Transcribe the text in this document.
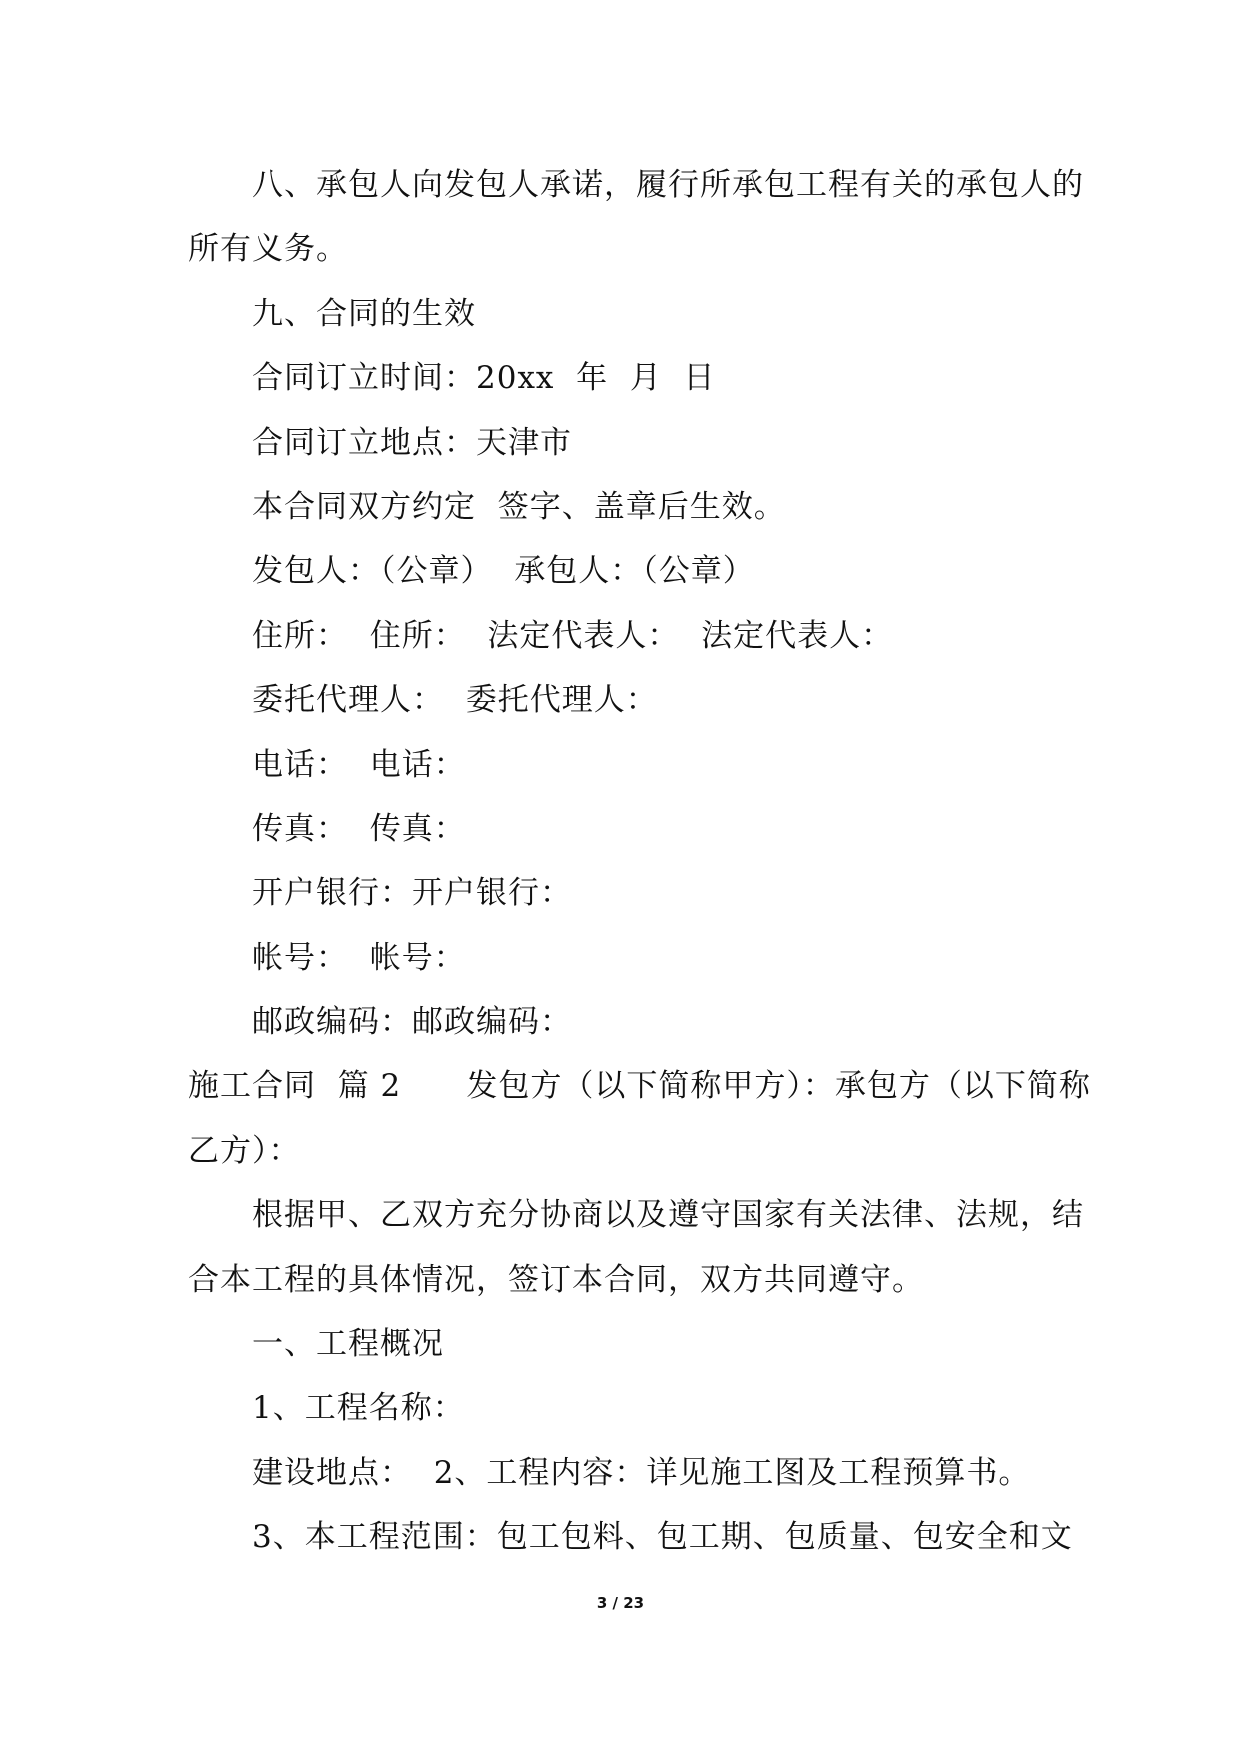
八、承包人向发包人承诺，履行所承包工程有关的承包人的
所有义务。
九、合同的生效
合同订立时间：20xx  年  月  日
合同订立地点：天津市
本合同双方约定  签字、盖章后生效。
发包人：（公章）  承包人：（公章）
住所：  住所：  法定代表人：  法定代表人：
委托代理人：  委托代理人：
电话：  电话：
传真：  传真：
开户银行：开户银行：
帐号：  帐号：
邮政编码：邮政编码：
施工合同  篇 2      发包方（以下简称甲方）：承包方（以下简称
乙方）：
根据甲、乙双方充分协商以及遵守国家有关法律、法规，结
合本工程的具体情况，签订本合同，双方共同遵守。
一、工程概况
1、工程名称：
建设地点：  2、工程内容：详见施工图及工程预算书。
3、本工程范围：包工包料、包工期、包质量、包安全和文
3 / 23
